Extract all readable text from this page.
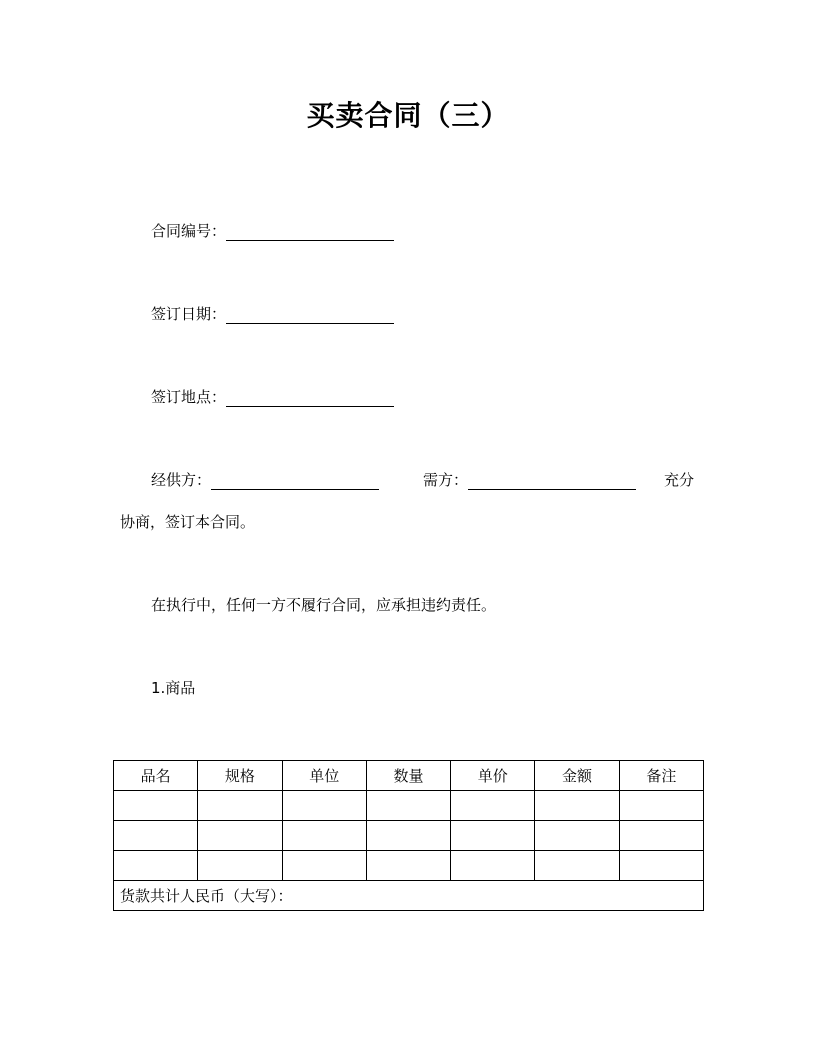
买卖合同（三）
合同编号：
签订日期：
签订地点：
经供方：	需方：	充分
协商，签订本合同。
在执行中，任何一方不履行合同，应承担违约责任。
1.商品
品名	规格	单位	数量	单价	金额	备注

货款共计人民币（大写）：						
